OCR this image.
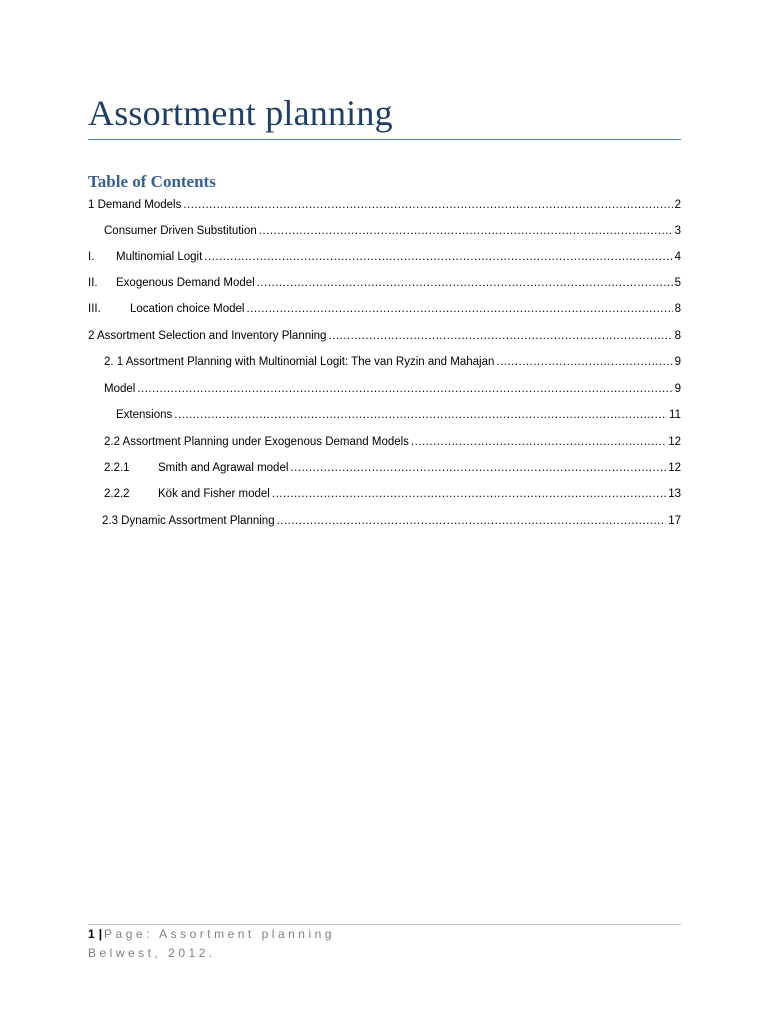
Assortment planning
Table of Contents
1 Demand Models .....	2
Consumer Driven Substitution .....	3
I.	Multinomial Logit .....	4
II.	Exogenous Demand Model .....	5
III.	Location choice Model .....	8
2 Assortment Selection and Inventory Planning .....	8
2. 1 Assortment Planning with Multinomial Logit: The van Ryzin and Mahajan .....	9
Model .....	9
Extensions .....	11
2.2 Assortment Planning under Exogenous Demand Models .....	12
2.2.1	Smith and Agrawal model .....	12
2.2.2	Kök and Fisher model .....	13
2.3 Dynamic Assortment Planning .....	17
1 | Page: Assortment planning
Belwest, 2012.
